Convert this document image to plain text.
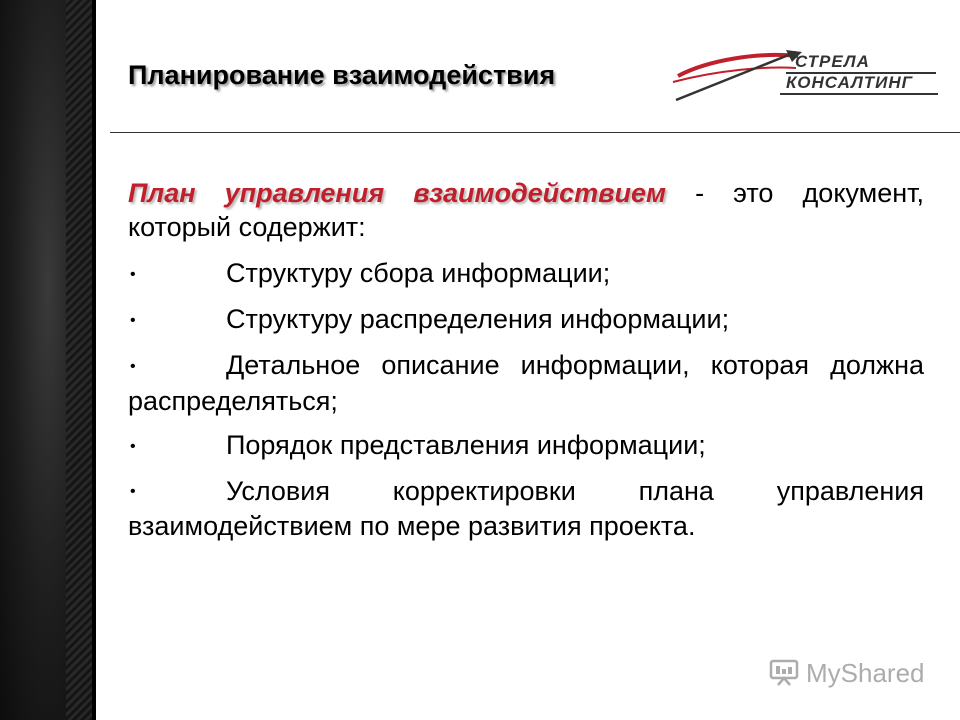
Планирование взаимодействия	СТРЕЛА
КОНСАЛТИНГ

План управления взаимодействием - это документ, который содержит:

•	Структуру сбора информации;

•	Структуру распределения информации;

•	Детальное описание информации, которая должна распределяться;

•	Порядок представления информации;

•	Условия корректировки плана управления взаимодействием по мере развития проекта.

MyShared
